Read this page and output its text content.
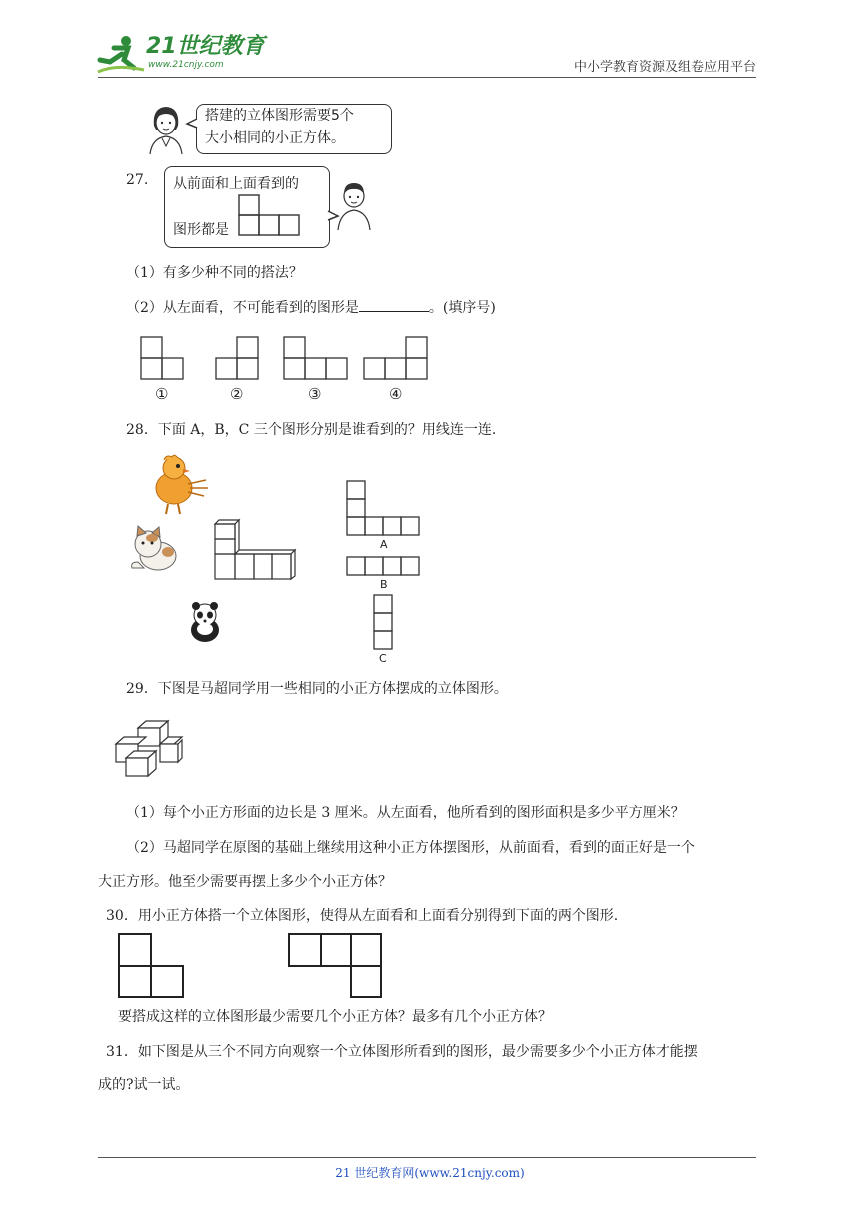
21世纪教育
www.21cnjy.com	中小学教育资源及组卷应用平台
搭建的立体图形需要5个
大小相同的小正方体。
27. 从前面和上面看到的
图形都是
（1）有多少种不同的搭法？
（2）从左面看，不可能看到的图形是	。(填序号)
①	②	③	④
28．下面 A，B，C 三个图形分别是谁看到的？用线连一连.
A
B
C
29．下图是马超同学用一些相同的小正方体摆成的立体图形。
（1）每个小正方形面的边长是 3 厘米。从左面看，他所看到的图形面积是多少平方厘米？
（2）马超同学在原图的基础上继续用这种小正方体摆图形，从前面看，看到的面正好是一个
大正方形。他至少需要再摆上多少个小正方体？
30．用小正方体搭一个立体图形，使得从左面看和上面看分别得到下面的两个图形.
要搭成这样的立体图形最少需要几个小正方体？最多有几个小正方体？
31．如下图是从三个不同方向观察一个立体图形所看到的图形，最少需要多少个小正方体才能摆
成的?试一试。
21 世纪教育网(www.21cnjy.com)
